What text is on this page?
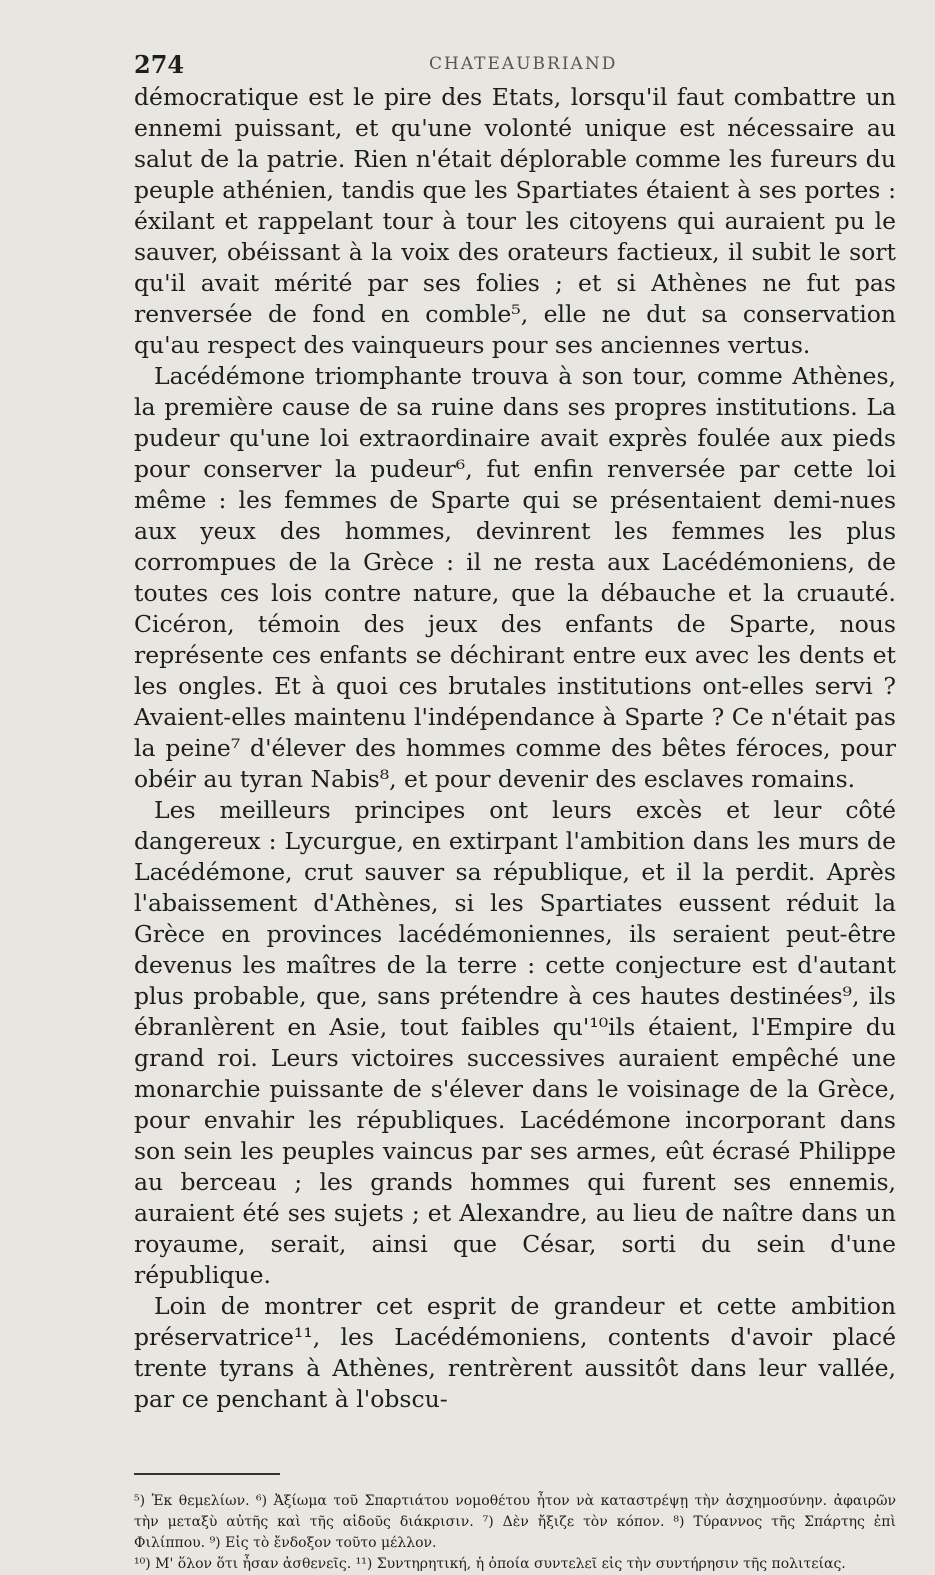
274	CHATEAUBRIAND

démocratique est le pire des Etats, lorsqu'il faut combattre un ennemi puissant, et qu'une volonté unique est nécessaire au salut de la patrie. Rien n'était déplorable comme les fureurs du peuple athénien, tandis que les Spartiates étaient à ses portes : éxilant et rappelant tour à tour les citoyens qui auraient pu le sauver, obéissant à la voix des orateurs factieux, il subit le sort qu'il avait mérité par ses folies ; et si Athènes ne fut pas renversée de fond en comble⁵, elle ne dut sa conservation qu'au respect des vainqueurs pour ses anciennes vertus.

Lacédémone triomphante trouva à son tour, comme Athènes, la première cause de sa ruine dans ses propres institutions. La pudeur qu'une loi extraordinaire avait exprès foulée aux pieds pour conserver la pudeur⁶, fut enfin renversée par cette loi même : les femmes de Sparte qui se présentaient demi-nues aux yeux des hommes, devinrent les femmes les plus corrompues de la Grèce : il ne resta aux Lacédémoniens, de toutes ces lois contre nature, que la débauche et la cruauté. Cicéron, témoin des jeux des enfants de Sparte, nous représente ces enfants se déchirant entre eux avec les dents et les ongles. Et à quoi ces brutales institutions ont-elles servi ? Avaient-elles maintenu l'indépendance à Sparte ? Ce n'était pas la peine⁷ d'élever des hommes comme des bêtes féroces, pour obéir au tyran Nabis⁸, et pour devenir des esclaves romains.

Les meilleurs principes ont leurs excès et leur côté dangereux : Lycurgue, en extirpant l'ambition dans les murs de Lacédémone, crut sauver sa république, et il la perdit. Après l'abaissement d'Athènes, si les Spartiates eussent réduit la Grèce en provinces lacédémoniennes, ils seraient peut-être devenus les maîtres de la terre : cette conjecture est d'autant plus probable, que, sans prétendre à ces hautes destinées⁹, ils ébranlèrent en Asie, tout faibles qu'¹⁰ils étaient, l'Empire du grand roi. Leurs victoires successives auraient empêché une monarchie puissante de s'élever dans le voisinage de la Grèce, pour envahir les républiques. Lacédémone incorporant dans son sein les peuples vaincus par ses armes, eût écrasé Philippe au berceau ; les grands hommes qui furent ses ennemis, auraient été ses sujets ; et Alexandre, au lieu de naître dans un royaume, serait, ainsi que César, sorti du sein d'une république.

Loin de montrer cet esprit de grandeur et cette ambition préservatrice¹¹, les Lacédémoniens, contents d'avoir placé trente tyrans à Athènes, rentrèrent aussitôt dans leur vallée, par ce penchant à l'obscu-

⁵) Ἐκ θεμελίων. ⁶) Ἀξίωμα τοῦ Σπαρτιάτου νομοθέτου ἦτον νὰ καταστρέψῃ τὴν ἀσχημοσύνην. ἀφαιρῶν τὴν μεταξὺ αὐτῆς καὶ τῆς αἰδοῦς διάκρισιν. ⁷) Δὲν ἤξιζε τὸν κόπον. ⁸) Τύραννος τῆς Σπάρτης ἐπὶ Φιλίππου. ⁹) Εἰς τὸ ἔνδοξον τοῦτο μέλλον.

¹⁰) Μ' ὅλον ὅτι ἦσαν ἀσθενεῖς. ¹¹) Συντηρητική, ἡ ὁποία συντελεῖ εἰς τὴν συντήρησιν τῆς πολιτείας.
